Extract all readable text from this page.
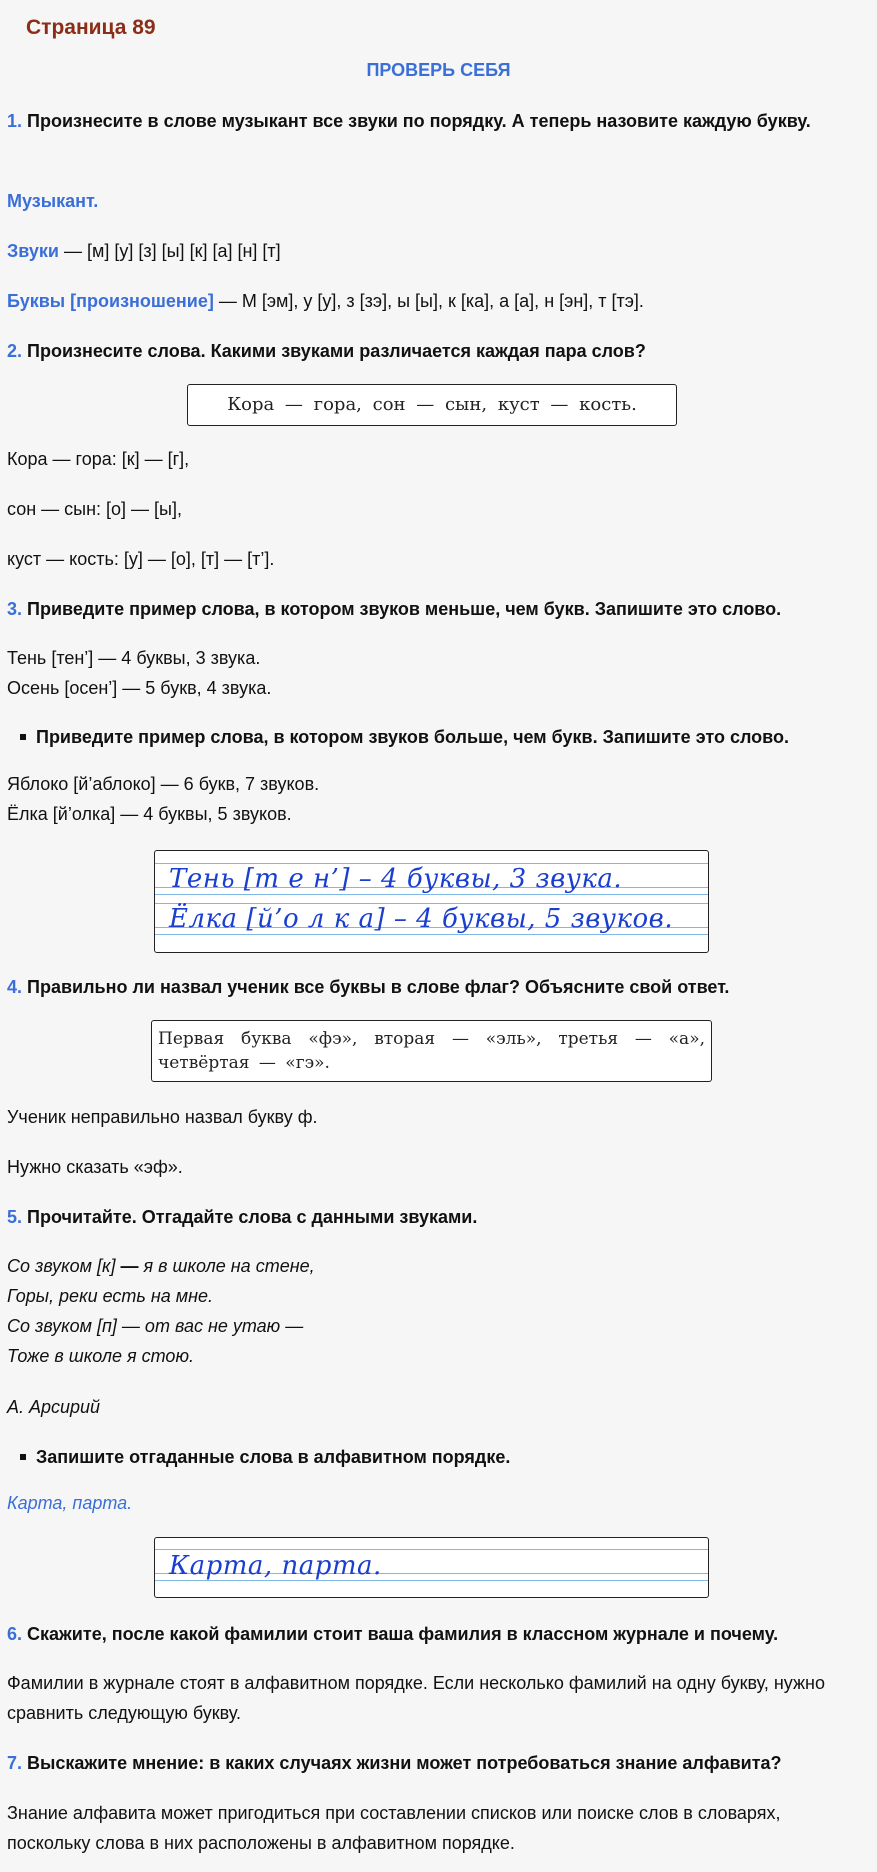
Страница 89
ПРОВЕРЬ СЕБЯ
1. Произнесите в слове музыкант все звуки по порядку. А теперь назовите каждую букву.
Музыкант.
Звуки — [м] [у] [з] [ы] [к] [а] [н] [т]
Буквы [произношение] — М [эм], у [у], з [зэ], ы [ы], к [ка], а [а], н [эн], т [тэ].
2. Произнесите слова. Какими звуками различается каждая пара слов?
Кора — гора, сон — сын, куст — кость.
Кора — гора: [к] — [г],
сон — сын: [о] — [ы],
куст — кость: [у] — [о], [т] — [т’].
3. Приведите пример слова, в котором звуков меньше, чем букв. Запишите это слово.
Тень [тен’] — 4 буквы, 3 звука.
Осень [осен’] — 5 букв, 4 звука.
Приведите пример слова, в котором звуков больше, чем букв. Запишите это слово.
Яблоко [й’аблоко] — 6 букв, 7 звуков.
Ёлка [й’олка] — 4 буквы, 5 звуков.
Тень [т е н’] – 4 буквы, 3 звука.
Ёлка [й’о л к а] – 4 буквы, 5 звуков.
4. Правильно ли назвал ученик все буквы в слове флаг? Объясните свой ответ.
Первая буква «фэ», вторая — «эль», третья — «а», четвёртая — «гэ».
Ученик неправильно назвал букву ф.
Нужно сказать «эф».
5. Прочитайте. Отгадайте слова с данными звуками.
Со звуком [к] — я в школе на стене,
Горы, реки есть на мне.
Со звуком [п] — от вас не утаю —
Тоже в школе я стою.
А. Арсирий
Запишите отгаданные слова в алфавитном порядке.
Карта, парта.
Карта, парта.
6. Скажите, после какой фамилии стоит ваша фамилия в классном журнале и почему.
Фамилии в журнале стоят в алфавитном порядке. Если несколько фамилий на одну букву, нужно сравнить следующую букву.
7. Выскажите мнение: в каких случаях жизни может потребоваться знание алфавита?
Знание алфавита может пригодиться при составлении списков или поиске слов в словарях, поскольку слова в них расположены в алфавитном порядке.
